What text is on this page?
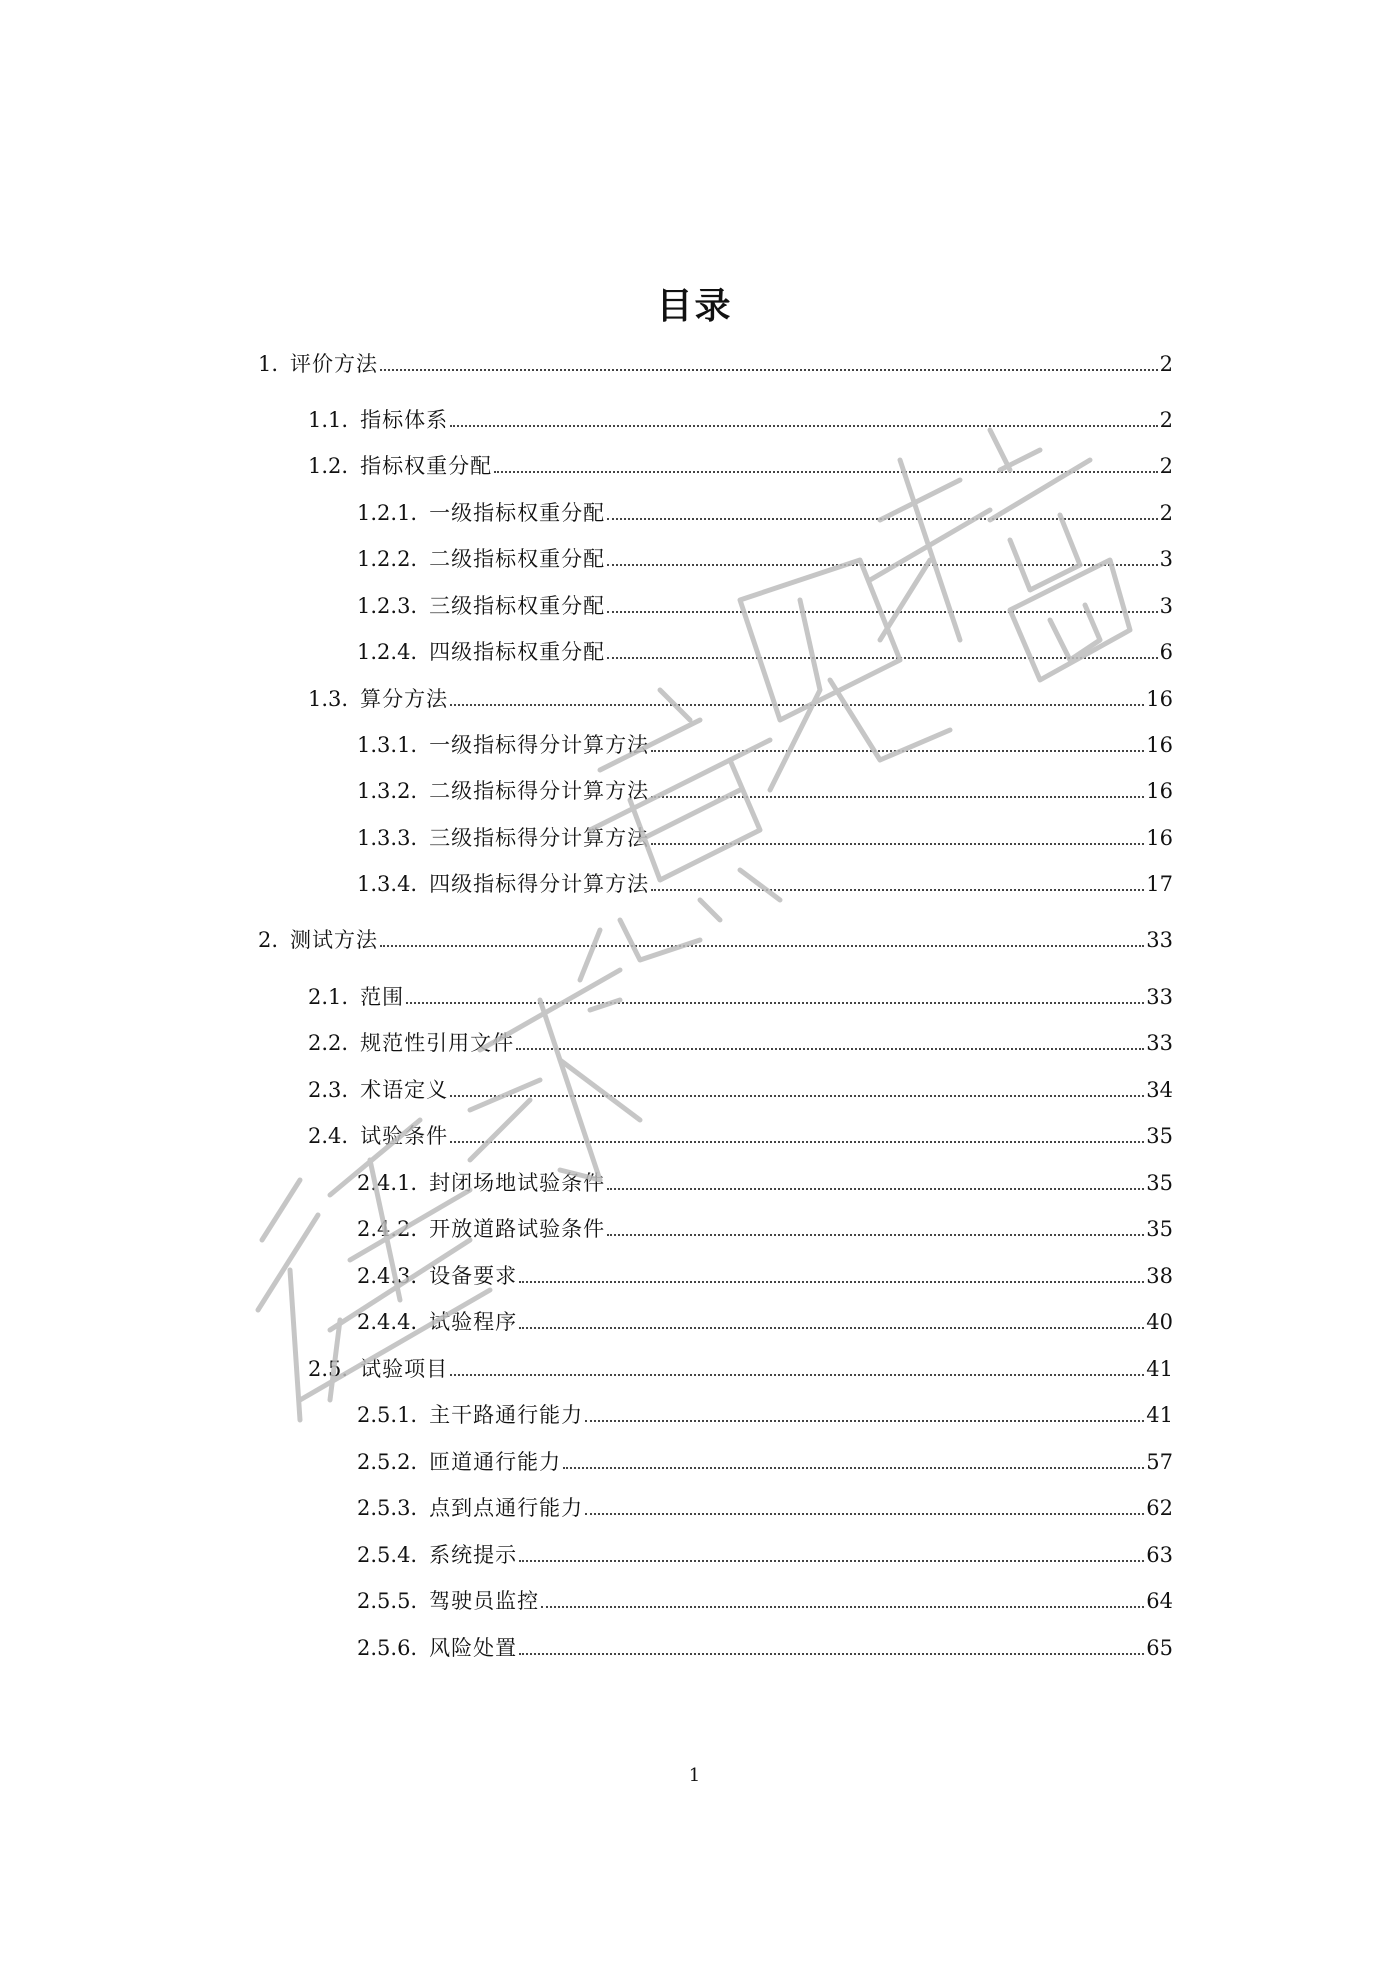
目录
1. 评价方法	2
1.1. 指标体系	2
1.2. 指标权重分配	2
1.2.1. 一级指标权重分配	2
1.2.2. 二级指标权重分配	3
1.2.3. 三级指标权重分配	3
1.2.4. 四级指标权重分配	6
1.3. 算分方法	16
1.3.1. 一级指标得分计算方法	16
1.3.2. 二级指标得分计算方法	16
1.3.3. 三级指标得分计算方法	16
1.3.4. 四级指标得分计算方法	17
2. 测试方法	33
2.1. 范围	33
2.2. 规范性引用文件	33
2.3. 术语定义	34
2.4. 试验条件	35
2.4.1. 封闭场地试验条件	35
2.4.2. 开放道路试验条件	35
2.4.3. 设备要求	38
2.4.4. 试验程序	40
2.5. 试验项目	41
2.5.1. 主干路通行能力	41
2.5.2. 匝道通行能力	57
2.5.3. 点到点通行能力	62
2.5.4. 系统提示	63
2.5.5. 驾驶员监控	64
2.5.6. 风险处置	65
1
